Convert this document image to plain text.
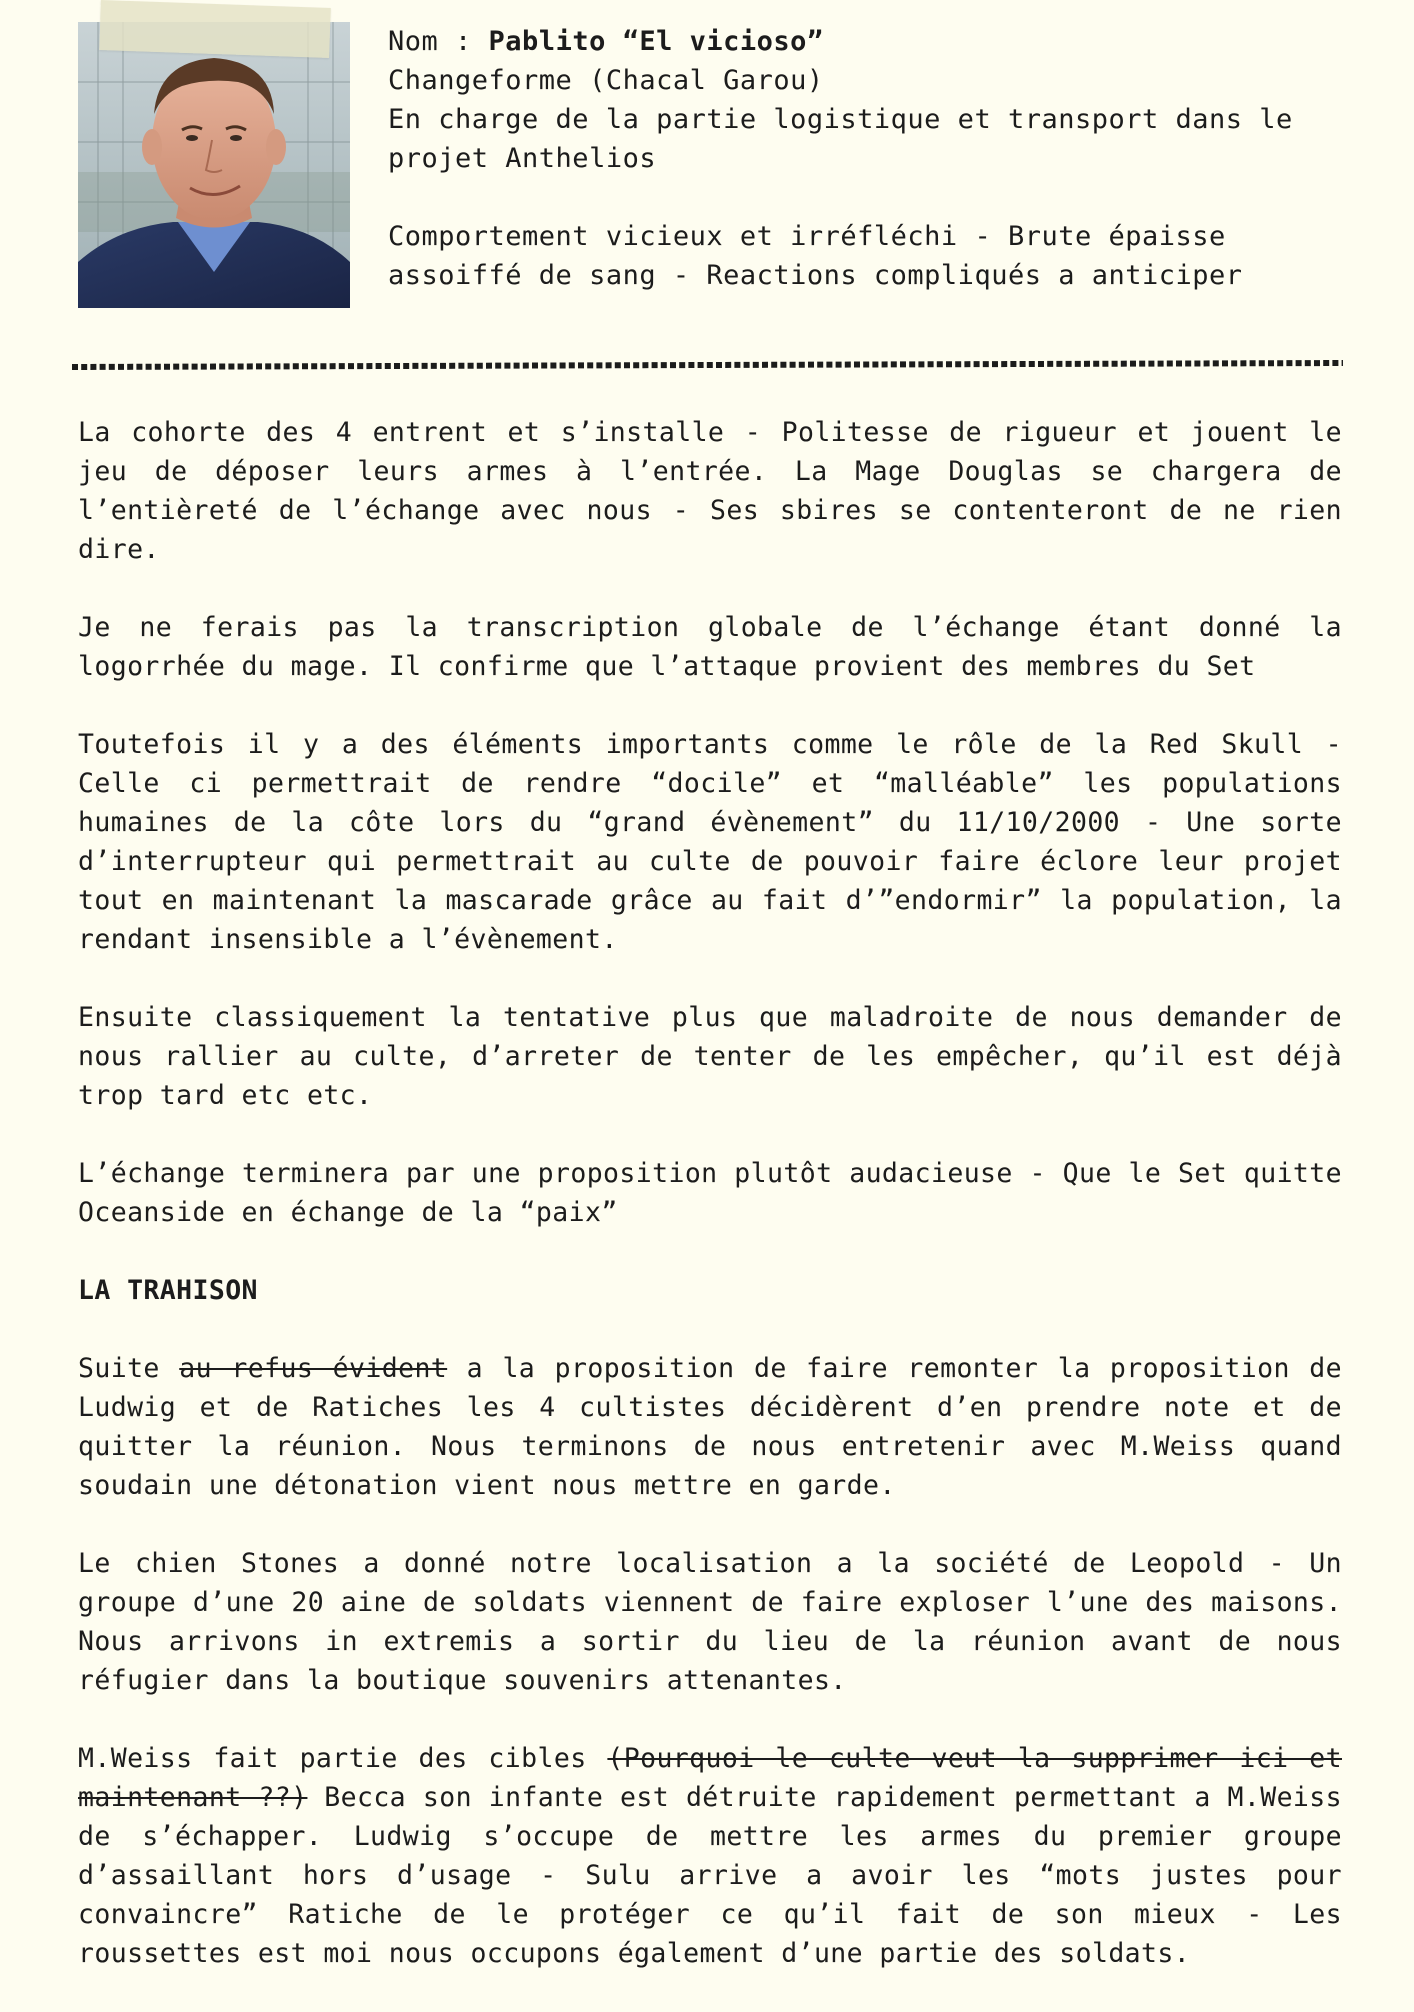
Nom : Pablito “El vicioso”
Changeforme (Chacal Garou)
En charge de la partie logistique et transport dans le
projet Anthelios
Comportement vicieux et irréfléchi - Brute épaisse
assoiffé de sang - Reactions compliqués a anticiper

La cohorte des 4 entrent et s’installe - Politesse de rigueur et jouent le jeu de déposer leurs armes à l’entrée. La Mage Douglas se chargera de l’entièreté de l’échange avec nous - Ses sbires se contenteront de ne rien dire.

Je ne ferais pas la transcription globale de l’échange étant donné la logorrhée du mage. Il confirme que l’attaque provient des membres du Set

Toutefois il y a des éléments importants comme le rôle de la Red Skull - Celle ci permettrait de rendre “docile” et “malléable” les populations humaines de la côte lors du “grand évènement” du 11/10/2000 - Une sorte d’interrupteur qui permettrait au culte de pouvoir faire éclore leur projet tout en maintenant la mascarade grâce au fait d’”endormir” la population, la rendant insensible a l’évènement.

Ensuite classiquement la tentative plus que maladroite de nous demander de nous rallier au culte, d’arreter de tenter de les empêcher, qu’il est déjà trop tard etc etc.

L’échange terminera par une proposition plutôt audacieuse - Que le Set quitte Oceanside en échange de la “paix”

LA TRAHISON

Suite au refus évident a la proposition de faire remonter la proposition de Ludwig et de Ratiches les 4 cultistes décidèrent d’en prendre note et de quitter la réunion. Nous terminons de nous entretenir avec M.Weiss quand soudain une détonation vient nous mettre en garde.

Le chien Stones a donné notre localisation a la société de Leopold - Un groupe d’une 20 aine de soldats viennent de faire exploser l’une des maisons. Nous arrivons in extremis a sortir du lieu de la réunion avant de nous réfugier dans la boutique souvenirs attenantes.

M.Weiss fait partie des cibles (Pourquoi le culte veut la supprimer ici et maintenant ??) Becca son infante est détruite rapidement permettant a M.Weiss de s’échapper. Ludwig s’occupe de mettre les armes du premier groupe d’assaillant hors d’usage - Sulu arrive a avoir les “mots justes pour convaincre” Ratiche de le protéger ce qu’il fait de son mieux - Les roussettes est moi nous occupons également d’une partie des soldats.
